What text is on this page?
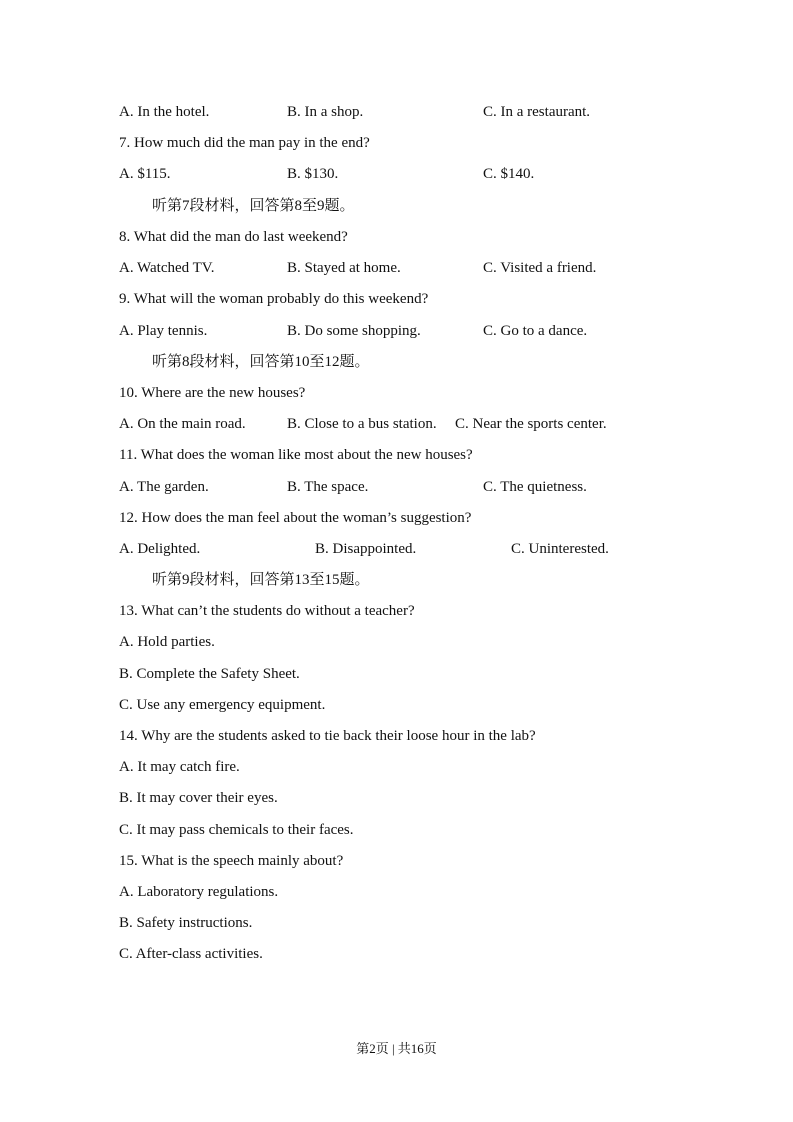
A. In the hotel.	B. In a shop.	C. In a restaurant.
7. How much did the man pay in the end?
A. $115.	B. $130.	C. $140.
听第7段材料，回答第8至9题。
8. What did the man do last weekend?
A. Watched TV.	B. Stayed at home.	C. Visited a friend.
9. What will the woman probably do this weekend?
A. Play tennis.	B. Do some shopping.	C. Go to a dance.
听第8段材料，回答第10至12题。
10. Where are the new houses?
A. On the main road.	B. Close to a bus station. C. Near the sports center.
11. What does the woman like most about the new houses?
A. The garden.	B. The space.	C. The quietness.
12. How does the man feel about the woman’s suggestion?
A. Delighted.	B. Disappointed.	C. Uninterested.
听第9段材料，回答第13至15题。
13. What can’t the students do without a teacher?
A. Hold parties.
B. Complete the Safety Sheet.
C. Use any emergency equipment.
14. Why are the students asked to tie back their loose hour in the lab?
A. It may catch fire.
B. It may cover their eyes.
C. It may pass chemicals to their faces.
15. What is the speech mainly about?
A. Laboratory regulations.
B. Safety instructions.
C. After-class activities.
第2页 | 共16页
